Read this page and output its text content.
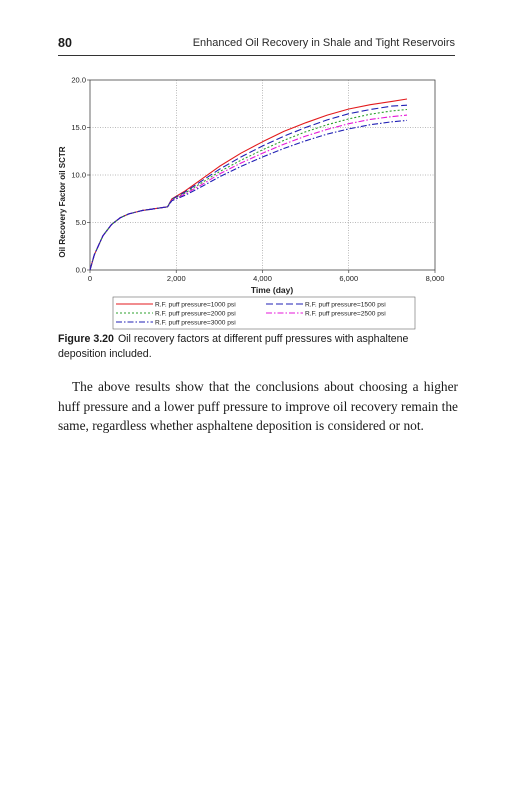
80	Enhanced Oil Recovery in Shale and Tight Reservoirs
0.0
5.0
10.0
15.0
20.0
0	2,000	4,000	6,000	8,000
Time (day)
Oil Recovery Factor oil SCTR
R.F. puff pressure=1000 psi	R.F. puff pressure=1500 psi
R.F. puff pressure=2000 psi	R.F. puff pressure=2500 psi
R.F. puff pressure=3000 psi
Figure 3.20 Oil recovery factors at different puff pressures with asphaltene deposition included.

The above results show that the conclusions about choosing a higher huff pressure and a lower puff pressure to improve oil recovery remain the same, regardless whether asphaltene deposition is considered or not.
